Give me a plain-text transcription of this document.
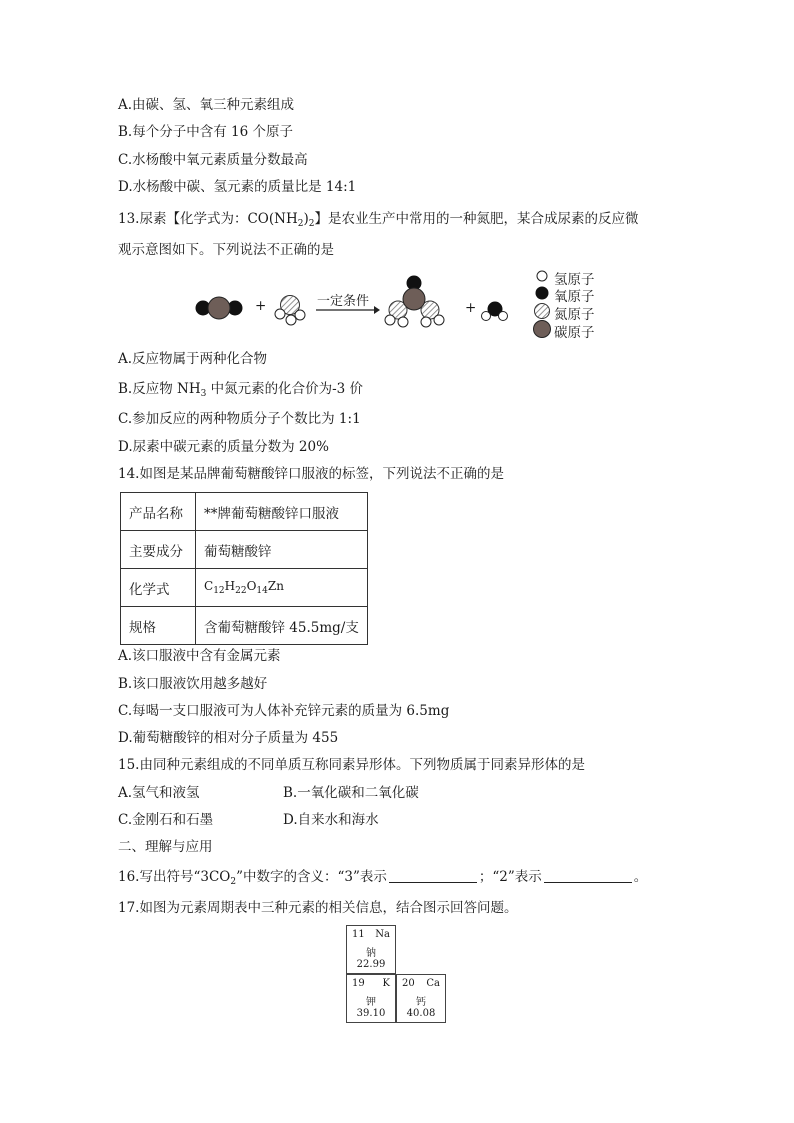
A.由碳、氢、氧三种元素组成
B.每个分子中含有 16 个原子
C.水杨酸中氧元素质量分数最高
D.水杨酸中碳、氢元素的质量比是 14:1
13.尿素【化学式为：$CO(NH_2)_2$】是农业生产中常用的一种氮肥，某合成尿素的反应微
观示意图如下。下列说法不正确的是
+	一定条件	+
氢原子
氧原子
氮原子
碳原子
A.反应物属于两种化合物
B.反应物 $NH_3$ 中氮元素的化合价为-3 价
C.参加反应的两种物质分子个数比为 1:1
D.尿素中碳元素的质量分数为 20%
14.如图是某品牌葡萄糖酸锌口服液的标签，下列说法不正确的是
产品名称	**牌葡萄糖酸锌口服液
主要成分	葡萄糖酸锌
化学式	$C_{12}H_{22}O_{14}Zn$
规格	含葡萄糖酸锌 45.5mg/支
A.该口服液中含有金属元素
B.该口服液饮用越多越好
C.每喝一支口服液可为人体补充锌元素的质量为 6.5mg
D.葡萄糖酸锌的相对分子质量为 455
15.由同种元素组成的不同单质互称同素异形体。下列物质属于同素异形体的是
A.氢气和液氢	B.一氧化碳和二氧化碳
C.金刚石和石墨	D.自来水和海水
二、理解与应用
16.写出符号“$3CO_2$”中数字的含义：“3”表示	；“2”表示	。
17.如图为元素周期表中三种元素的相关信息，结合图示回答问题。
11 Na
钠
22.99
19 K
钾
39.10
20 Ca
钙
40.08
